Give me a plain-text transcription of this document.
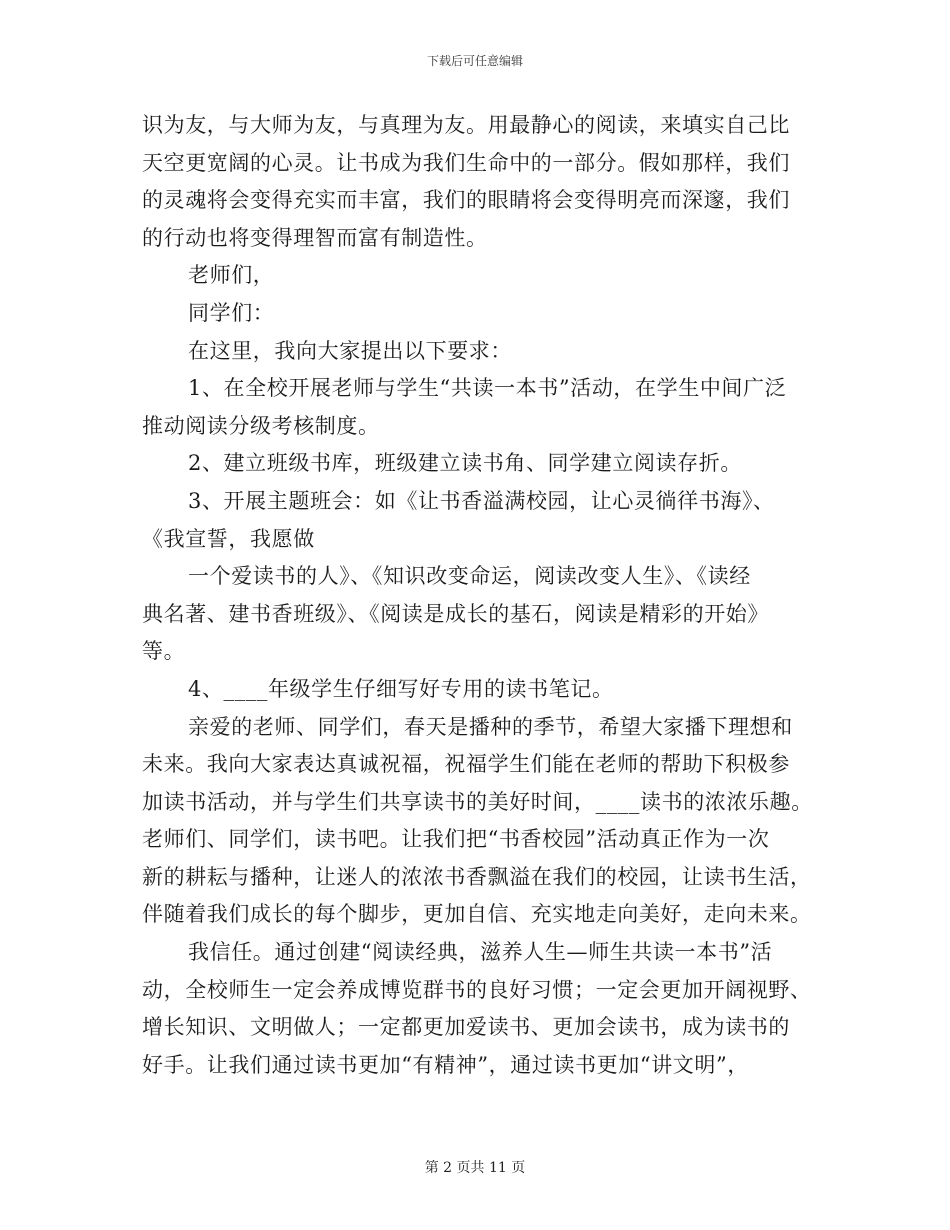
下载后可任意编辑
识为友，与大师为友，与真理为友。用最静心的阅读，来填实自己比
天空更宽阔的心灵。让书成为我们生命中的一部分。假如那样，我们
的灵魂将会变得充实而丰富，我们的眼睛将会变得明亮而深邃，我们
的行动也将变得理智而富有制造性。
老师们，
同学们：
在这里，我向大家提出以下要求：
1、在全校开展老师与学生“共读一本书”活动，在学生中间广泛
推动阅读分级考核制度。
2、建立班级书库，班级建立读书角、同学建立阅读存折。
3、开展主题班会：如《让书香溢满校园，让心灵徜徉书海》、
《我宣誓，我愿做
一个爱读书的人》、《知识改变命运，阅读改变人生》、《读经
典名著、建书香班级》、《阅读是成长的基石，阅读是精彩的开始》
等。
4、____年级学生仔细写好专用的读书笔记。
亲爱的老师、同学们，春天是播种的季节，希望大家播下理想和
未来。我向大家表达真诚祝福，祝福学生们能在老师的帮助下积极参
加读书活动，并与学生们共享读书的美好时间，____读书的浓浓乐趣。
老师们、同学们，读书吧。让我们把“书香校园”活动真正作为一次
新的耕耘与播种，让迷人的浓浓书香飘溢在我们的校园，让读书生活，
伴随着我们成长的每个脚步，更加自信、充实地走向美好，走向未来。
我信任。通过创建“阅读经典，滋养人生—师生共读一本书”活
动，全校师生一定会养成博览群书的良好习惯；一定会更加开阔视野、
增长知识、文明做人；一定都更加爱读书、更加会读书，成为读书的
好手。让我们通过读书更加“有精神”，通过读书更加“讲文明”，
第 2 页共 11 页
